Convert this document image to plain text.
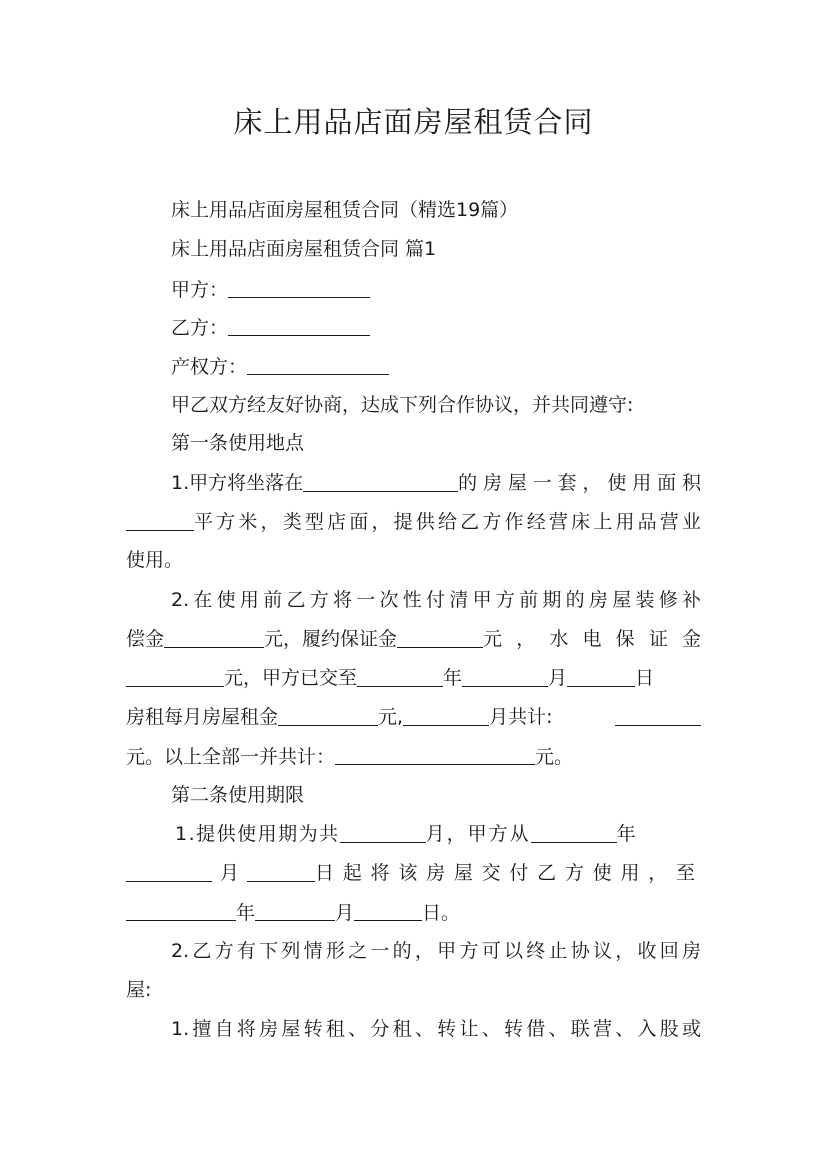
床上用品店面房屋租赁合同
床上用品店面房屋租赁合同（精选19篇）
床上用品店面房屋租赁合同 篇1
甲方：
乙方：
产权方：
甲乙双方经友好协商，达成下列合作协议，并共同遵守:
第一条使用地点
1.甲方将坐落在	的房屋一套，使用面积
平方米，类型店面，提供给乙方作经营床上用品营业
使用。
2.在使用前乙方将一次性付清甲方前期的房屋装修补
偿金	元，履约保证金	元，水电保证金
元，甲方已交至	年	月	日
房租每月房屋租金	元,	月共计:
元。以上全部一并共计：	元。
第二条使用期限
1.提供使用期为共	月，甲方从	年
月	日起将该房屋交付乙方使用，至
年	月	日。
2.乙方有下列情形之一的，甲方可以终止协议，收回房
屋:
1.擅自将房屋转租、分租、转让、转借、联营、入股或
